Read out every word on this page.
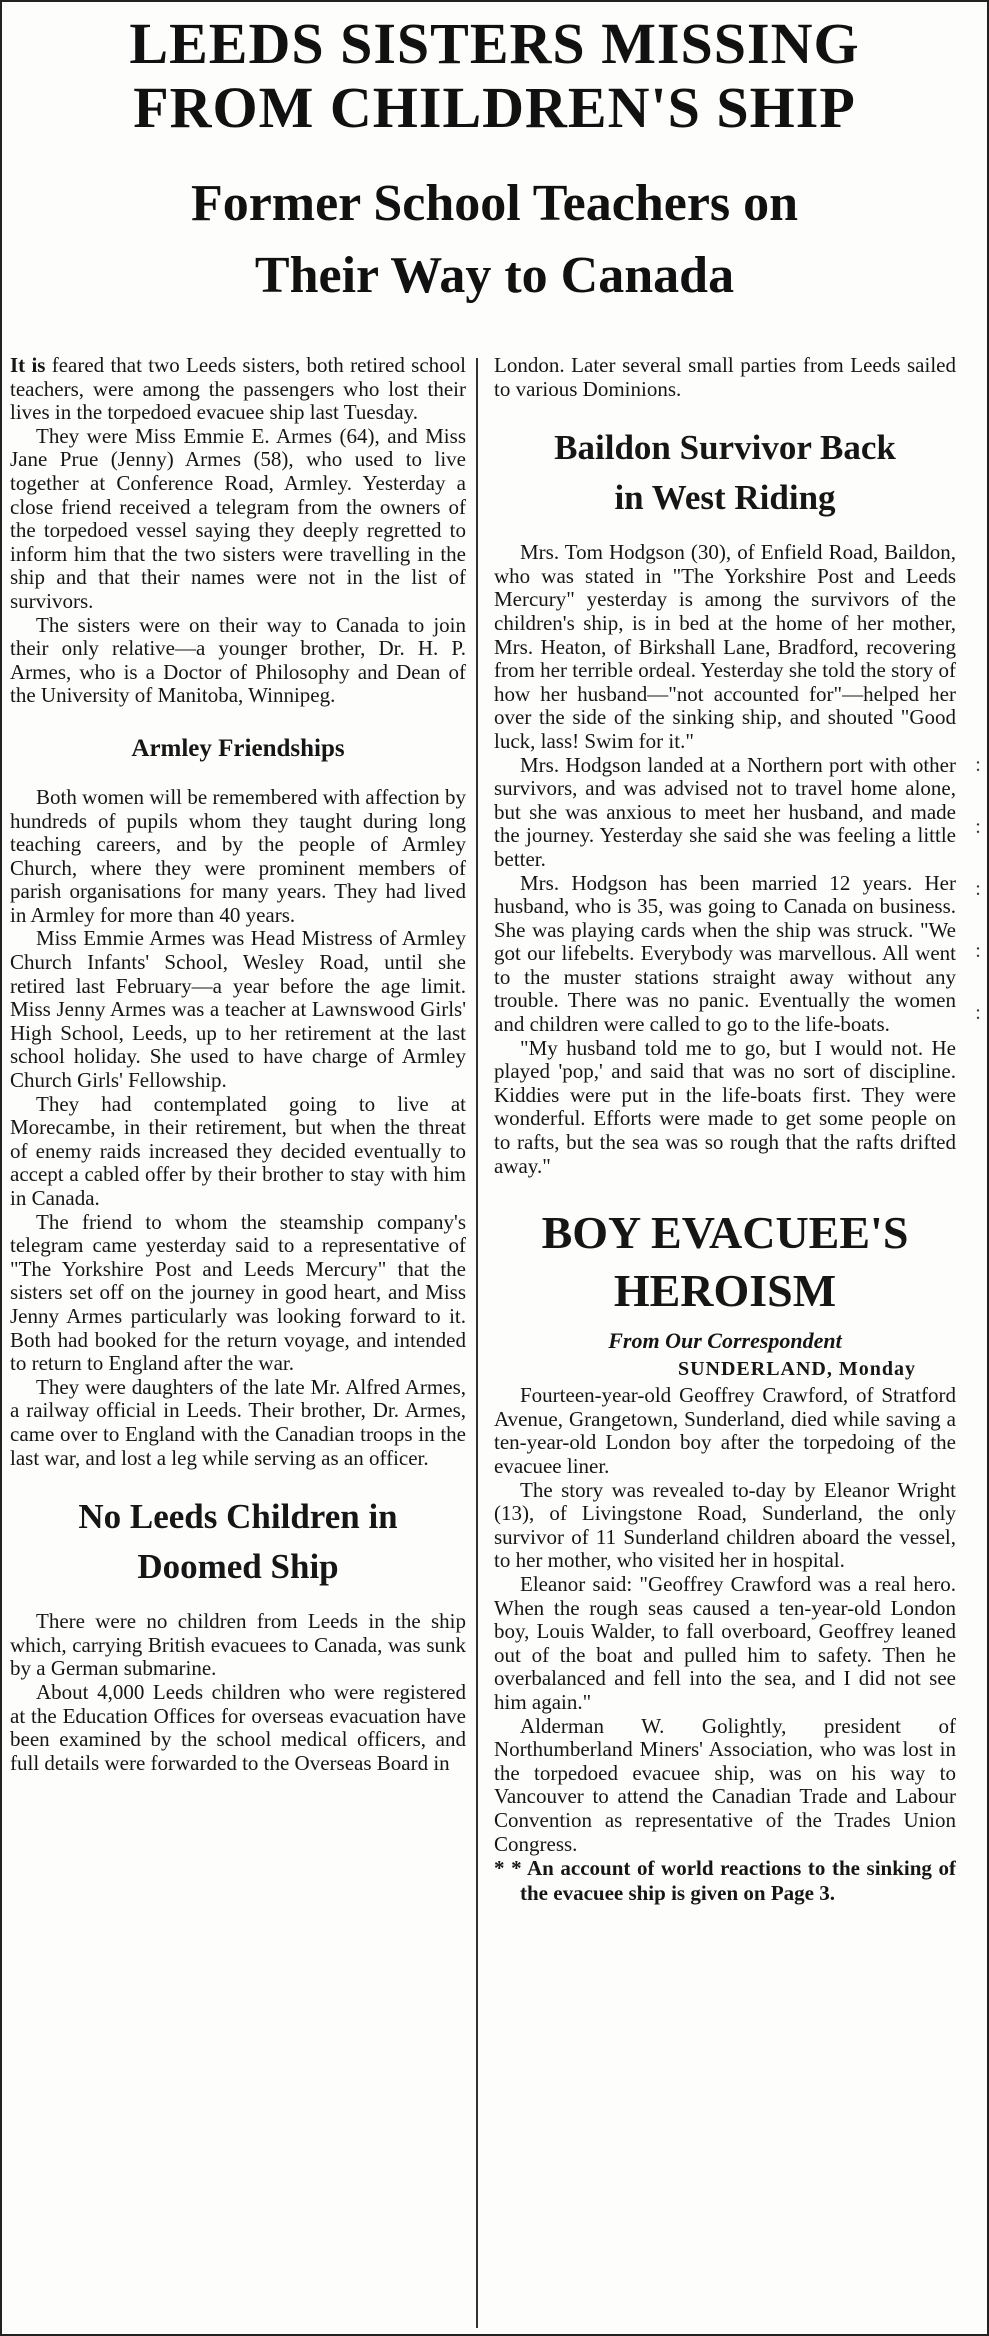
LEEDS SISTERS MISSING
FROM CHILDREN'S SHIP
Former School Teachers on
Their Way to Canada

It is feared that two Leeds sisters, both retired school teachers, were among the passengers who lost their lives in the torpedoed evacuee ship last Tuesday.

They were Miss Emmie E. Armes (64), and Miss Jane Prue (Jenny) Armes (58), who used to live together at Conference Road, Armley. Yesterday a close friend received a telegram from the owners of the torpedoed vessel saying they deeply regretted to inform him that the two sisters were travelling in the ship and that their names were not in the list of survivors.

The sisters were on their way to Canada to join their only relative—a younger brother, Dr. H. P. Armes, who is a Doctor of Philosophy and Dean of the University of Manitoba, Winnipeg.

Armley Friendships

Both women will be remembered with affection by hundreds of pupils whom they taught during long teaching careers, and by the people of Armley Church, where they were prominent members of parish organisations for many years. They had lived in Armley for more than 40 years.

Miss Emmie Armes was Head Mistress of Armley Church Infants' School, Wesley Road, until she retired last February—a year before the age limit. Miss Jenny Armes was a teacher at Lawnswood Girls' High School, Leeds, up to her retirement at the last school holiday. She used to have charge of Armley Church Girls' Fellowship.

They had contemplated going to live at Morecambe, in their retirement, but when the threat of enemy raids increased they decided eventually to accept a cabled offer by their brother to stay with him in Canada.

The friend to whom the steamship company's telegram came yesterday said to a representative of "The Yorkshire Post and Leeds Mercury" that the sisters set off on the journey in good heart, and Miss Jenny Armes particularly was looking forward to it. Both had booked for the return voyage, and intended to return to England after the war.

They were daughters of the late Mr. Alfred Armes, a railway official in Leeds. Their brother, Dr. Armes, came over to England with the Canadian troops in the last war, and lost a leg while serving as an officer.

No Leeds Children in
Doomed Ship

There were no children from Leeds in the ship which, carrying British evacuees to Canada, was sunk by a German submarine.

About 4,000 Leeds children who were registered at the Education Offices for overseas evacuation have been examined by the school medical officers, and full details were forwarded to the Overseas Board in

London. Later several small parties from Leeds sailed to various Dominions.

Baildon Survivor Back
in West Riding

Mrs. Tom Hodgson (30), of Enfield Road, Baildon, who was stated in "The Yorkshire Post and Leeds Mercury" yesterday is among the survivors of the children's ship, is in bed at the home of her mother, Mrs. Heaton, of Birkshall Lane, Bradford, recovering from her terrible ordeal. Yesterday she told the story of how her husband—"not accounted for"—helped her over the side of the sinking ship, and shouted "Good luck, lass! Swim for it."

Mrs. Hodgson landed at a Northern port with other survivors, and was advised not to travel home alone, but she was anxious to meet her husband, and made the journey. Yesterday she said she was feeling a little better.

Mrs. Hodgson has been married 12 years. Her husband, who is 35, was going to Canada on business. She was playing cards when the ship was struck. "We got our lifebelts. Everybody was marvellous. All went to the muster stations straight away without any trouble. There was no panic. Eventually the women and children were called to go to the life-boats.

"My husband told me to go, but I would not. He played 'pop,' and said that was no sort of discipline. Kiddies were put in the life-boats first. They were wonderful. Efforts were made to get some people on to rafts, but the sea was so rough that the rafts drifted away."

BOY EVACUEE'S
HEROISM
From Our Correspondent
SUNDERLAND, Monday

Fourteen-year-old Geoffrey Crawford, of Stratford Avenue, Grangetown, Sunderland, died while saving a ten-year-old London boy after the torpedoing of the evacuee liner.

The story was revealed to-day by Eleanor Wright (13), of Livingstone Road, Sunderland, the only survivor of 11 Sunderland children aboard the vessel, to her mother, who visited her in hospital.

Eleanor said: "Geoffrey Crawford was a real hero. When the rough seas caused a ten-year-old London boy, Louis Walder, to fall overboard, Geoffrey leaned out of the boat and pulled him to safety. Then he overbalanced and fell into the sea, and I did not see him again."

Alderman W. Golightly, president of Northumberland Miners' Association, who was lost in the torpedoed evacuee ship, was on his way to Vancouver to attend the Canadian Trade and Labour Convention as representative of the Trades Union Congress.

* * An account of world reactions to the sinking of the evacuee ship is given on Page 3.

:
:
:
:
:
